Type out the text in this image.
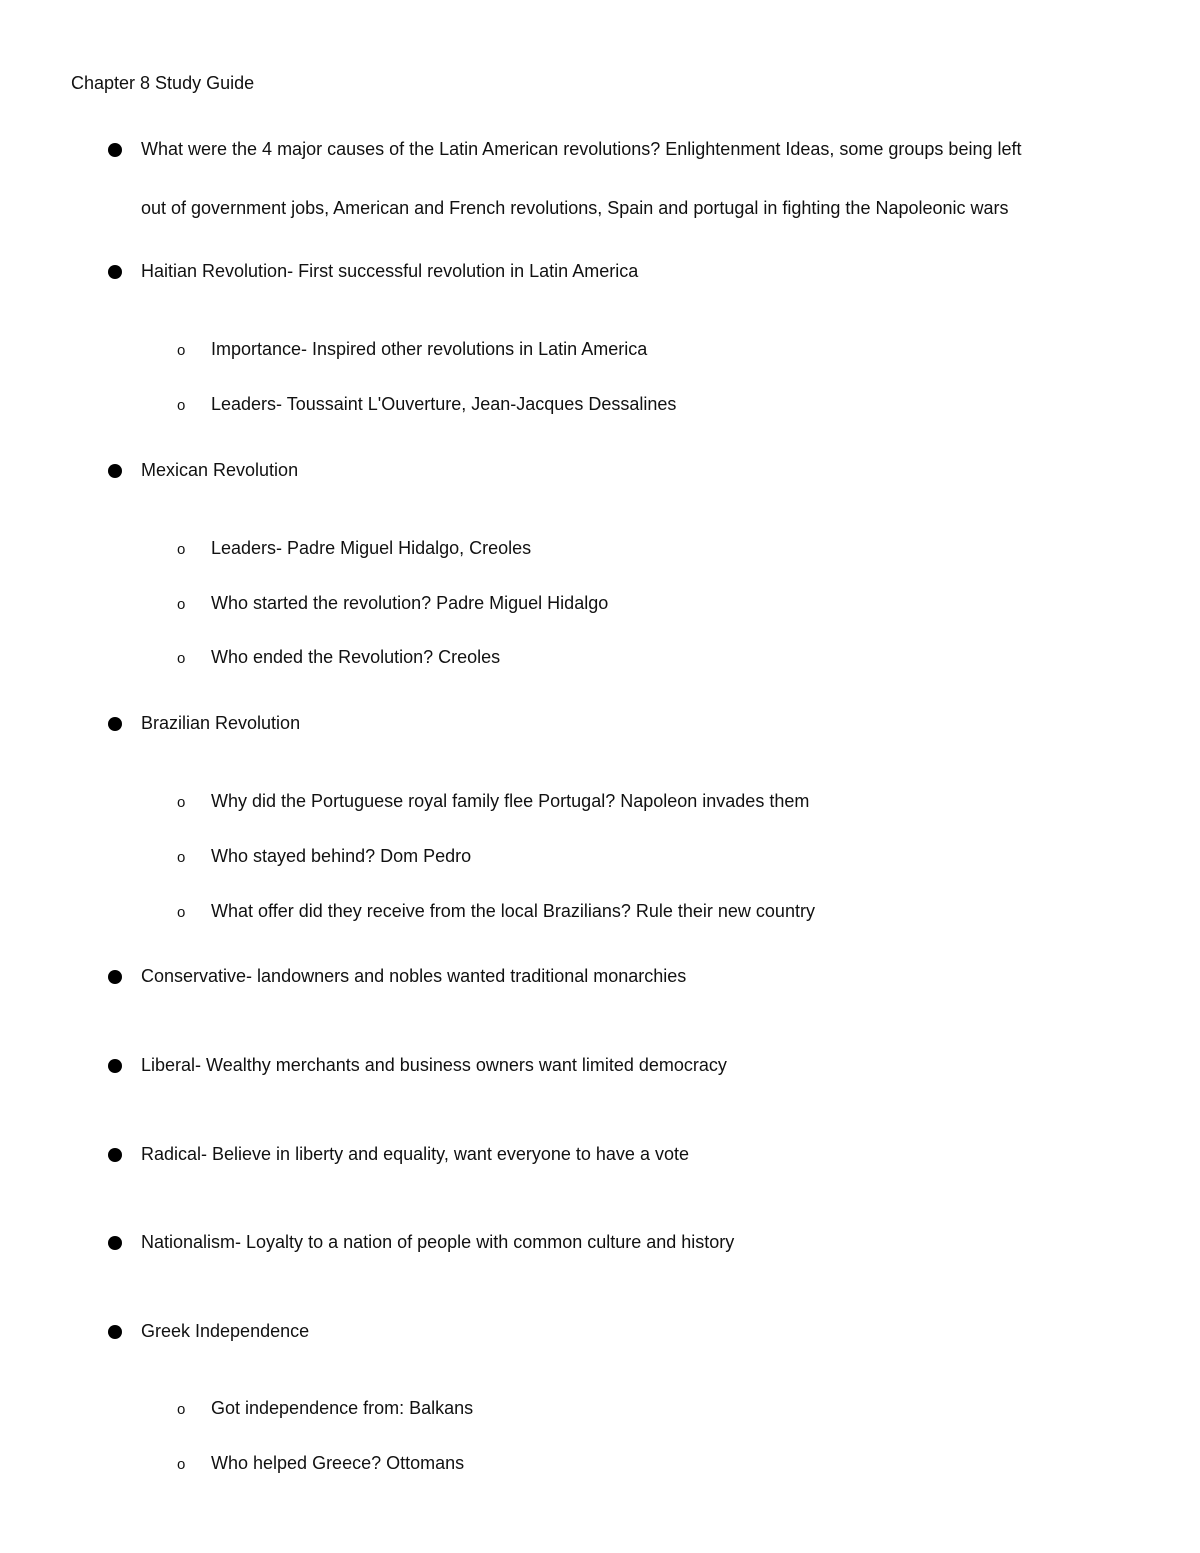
Chapter 8 Study Guide
What were the 4 major causes of the Latin American revolutions? Enlightenment Ideas, some groups being left
out of government jobs, American and French revolutions, Spain and portugal in fighting the Napoleonic wars
Haitian Revolution- First successful revolution in Latin America
o Importance- Inspired other revolutions in Latin America
o Leaders- Toussaint L'Ouverture, Jean-Jacques Dessalines
Mexican Revolution
o Leaders- Padre Miguel Hidalgo, Creoles
o Who started the revolution? Padre Miguel Hidalgo
o Who ended the Revolution? Creoles
Brazilian Revolution
o Why did the Portuguese royal family flee Portugal? Napoleon invades them
o Who stayed behind? Dom Pedro
o What offer did they receive from the local Brazilians? Rule their new country
Conservative- landowners and nobles wanted traditional monarchies
Liberal- Wealthy merchants and business owners want limited democracy
Radical- Believe in liberty and equality, want everyone to have a vote
Nationalism- Loyalty to a nation of people with common culture and history
Greek Independence
o Got independence from: Balkans
o Who helped Greece? Ottomans
